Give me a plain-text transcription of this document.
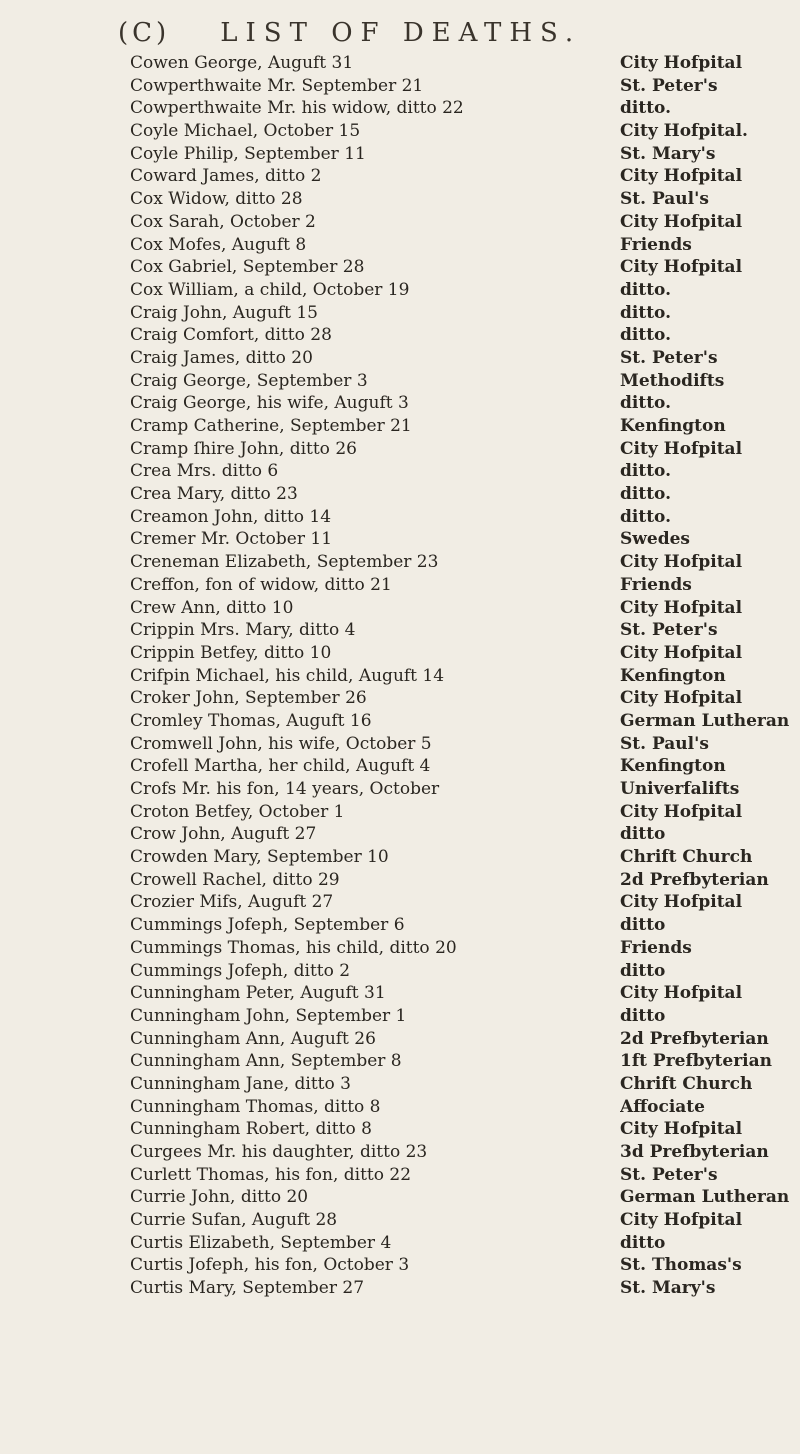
(C) LIST OF DEATHS.
Cowen George, Auguft 31	City Hofpital
Cowperthwaite Mr. September 21	St. Peter's
Cowperthwaite Mr. his widow, ditto 22	ditto.
Coyle Michael, October 15	City Hofpital.
Coyle Philip, September 11	St. Mary's
Coward James, ditto 2	City Hofpital
Cox Widow, ditto 28	St. Paul's
Cox Sarah, October 2	City Hofpital
Cox Mofes, Auguft 8	Friends
Cox Gabriel, September 28	City Hofpital
Cox William, a child, October 19	ditto.
Craig John, Auguft 15	ditto.
Craig Comfort, ditto 28	ditto.
Craig James, ditto 20	St. Peter's
Craig George, September 3	Methodifts
Craig George, his wife, Auguft 3	ditto.
Cramp Catherine, September 21	Kenfington
Cramp ſhire John, ditto 26	City Hofpital
Crea Mrs. ditto 6	ditto.
Crea Mary, ditto 23	ditto.
Creamon John, ditto 14	ditto.
Cremer Mr. October 11	Swedes
Creneman Elizabeth, September 23	City Hofpital
Creffon, fon of widow, ditto 21	Friends
Crew Ann, ditto 10	City Hofpital
Crippin Mrs. Mary, ditto 4	St. Peter's
Crippin Betfey, ditto 10	City Hofpital
Crifpin Michael, his child, Auguft 14	Kenfington
Croker John, September 26	City Hofpital
Cromley Thomas, Auguft 16	German Lutheran
Cromwell John, his wife, October 5	St. Paul's
Crofell Martha, her child, Auguft 4	Kenfington
Crofs Mr. his fon, 14 years, October	Univerfalifts
Croton Betfey, October 1	City Hofpital
Crow John, Auguft 27	ditto
Crowden Mary, September 10	Chrift Church
Crowell Rachel, ditto 29	2d Prefbyterian
Crozier Mifs, Auguft 27	City Hofpital
Cummings Jofeph, September 6	ditto
Cummings Thomas, his child, ditto 20	Friends
Cummings Jofeph, ditto 2	ditto
Cunningham Peter, Auguft 31	City Hofpital
Cunningham John, September 1	ditto
Cunningham Ann, Auguft 26	2d Prefbyterian
Cunningham Ann, September 8	1ft Prefbyterian
Cunningham Jane, ditto 3	Chrift Church
Cunningham Thomas, ditto 8	Affociate
Cunningham Robert, ditto 8	City Hofpital
Curgees Mr. his daughter, ditto 23	3d Prefbyterian
Curlett Thomas, his fon, ditto 22	St. Peter's
Currie John, ditto 20	German Lutheran
Currie Sufan, Auguft 28	City Hofpital
Curtis Elizabeth, September 4	ditto
Curtis Jofeph, his fon, October 3	St. Thomas's
Curtis Mary, September 27	St. Mary's
